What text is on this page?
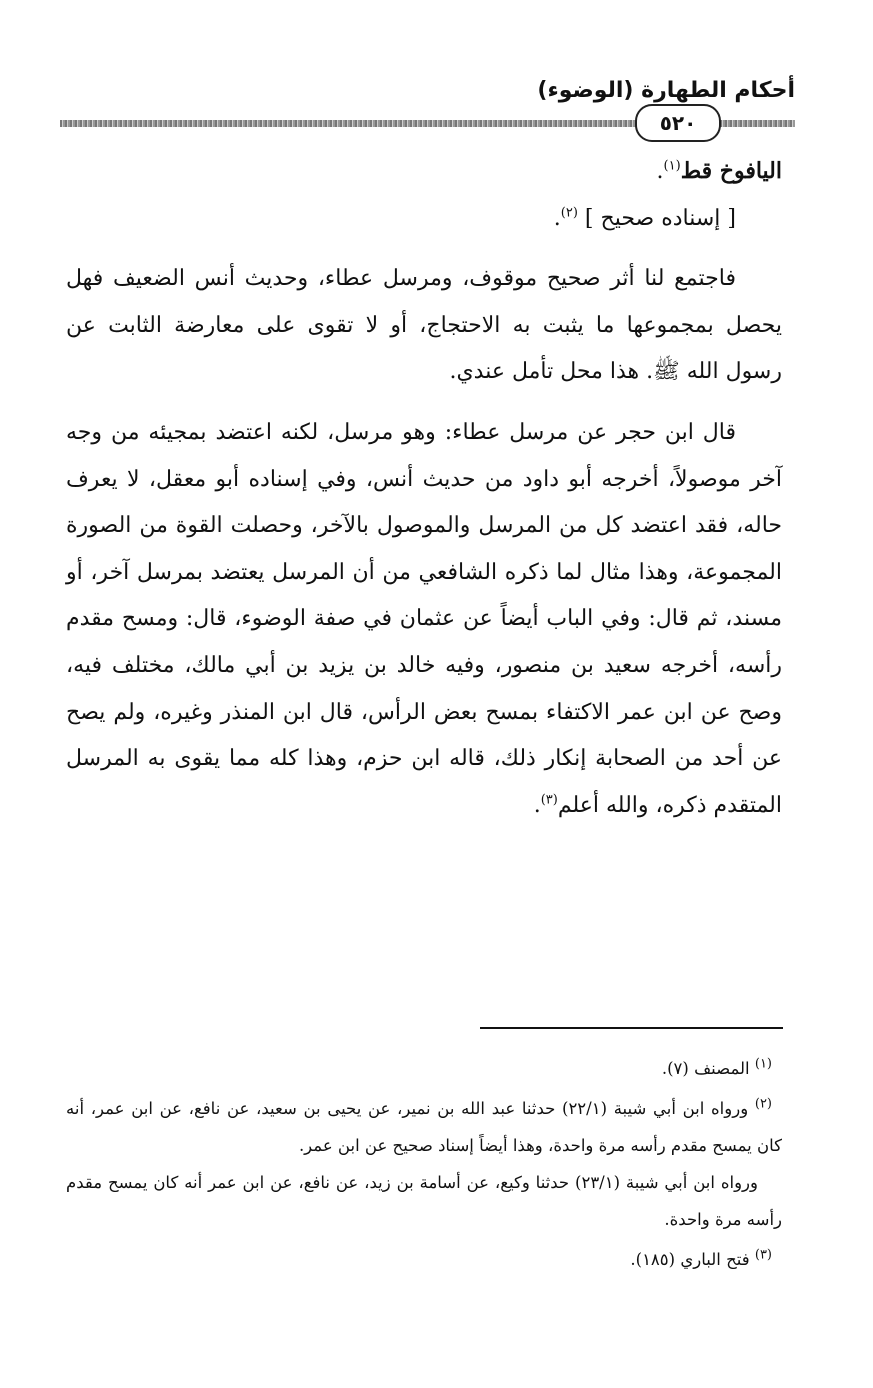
أحكام الطهارة (الوضوء)
٥٢٠

اليافوخ قط$^{(١)}$.

[ إسناده صحيح ] $^{(٢)}$.

فاجتمع لنا أثر صحيح موقوف، ومرسل عطاء، وحديث أنس الضعيف فهل يحصل بمجموعها ما يثبت به الاحتجاج، أو لا تقوى على معارضة الثابت عن رسول الله ﷺ. هذا محل تأمل عندي.

قال ابن حجر عن مرسل عطاء: وهو مرسل، لكنه اعتضد بمجيئه من وجه آخر موصولاً، أخرجه أبو داود من حديث أنس، وفي إسناده أبو معقل، لا يعرف حاله، فقد اعتضد كل من المرسل والموصول بالآخر، وحصلت القوة من الصورة المجموعة، وهذا مثال لما ذكره الشافعي من أن المرسل يعتضد بمرسل آخر، أو مسند، ثم قال: وفي الباب أيضاً عن عثمان في صفة الوضوء، قال: ومسح مقدم رأسه، أخرجه سعيد بن منصور، وفيه خالد بن يزيد بن أبي مالك، مختلف فيه، وصح عن ابن عمر الاكتفاء بمسح بعض الرأس، قال ابن المنذر وغيره، ولم يصح عن أحد من الصحابة إنكار ذلك، قاله ابن حزم، وهذا كله مما يقوى به المرسل المتقدم ذكره، والله أعلم$^{(٣)}$.

$^{(١)}$ المصنف (٧).

$^{(٢)}$ ورواه ابن أبي شيبة (٢٢/١) حدثنا عبد الله بن نمير، عن يحيى بن سعيد، عن نافع، عن ابن عمر، أنه كان يمسح مقدم رأسه مرة واحدة، وهذا أيضاً إسناد صحيح عن ابن عمر.

ورواه ابن أبي شيبة (٢٣/١) حدثنا وكيع، عن أسامة بن زيد، عن نافع، عن ابن عمر أنه كان يمسح مقدم رأسه مرة واحدة.

$^{(٣)}$ فتح الباري (١٨٥).
